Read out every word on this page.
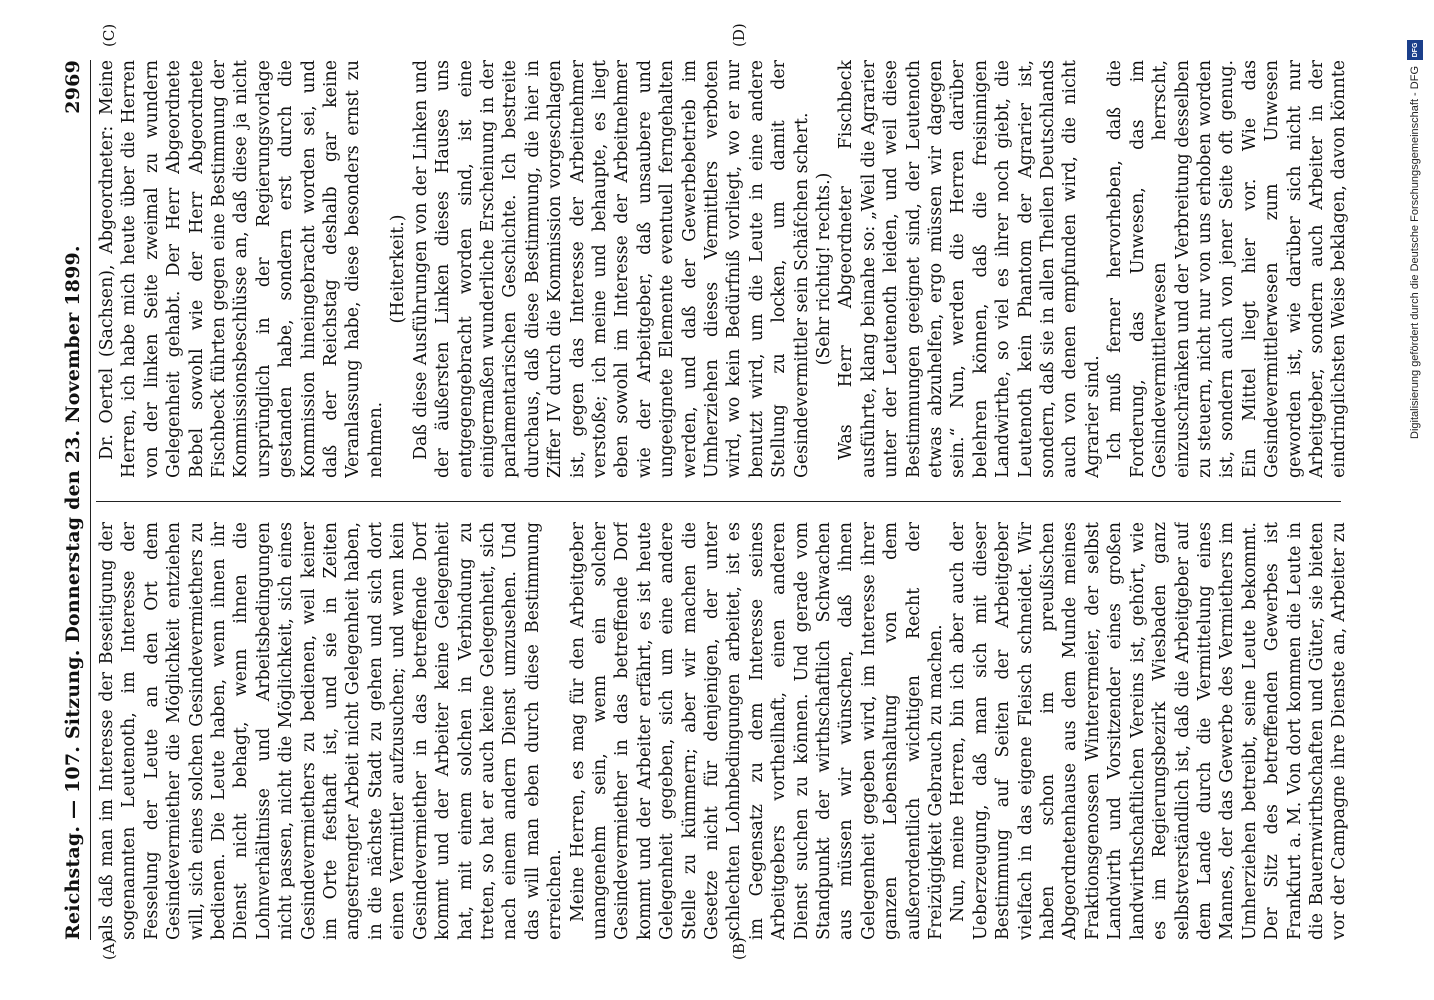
Reichstag. — 107. Sitzung. Donnerstag den 23. November 1899.
2969
(A)	(B)
(C)	(D)

als daß man im Interesse der Beseitigung der sogenannten Leutenoth, im Interesse der Fesselung der Leute an den Ort dem Gesindevermiether die Möglichkeit entziehen will, sich eines solchen Gesindevermiethers zu bedienen. Die Leute haben, wenn ihnen ihr Dienst nicht behagt, wenn ihnen die Lohnverhältnisse und Arbeitsbedingungen nicht passen, nicht die Möglichkeit, sich eines Gesindevermiethers zu bedienen, weil keiner im Orte festhaft ist, und sie in Zeiten angestrengter Arbeit nicht Gelegenheit haben, in die nächste Stadt zu gehen und sich dort einen Vermittler aufzusuchen; und wenn kein Gesindevermiether in das betreffende Dorf kommt und der Arbeiter keine Gelegenheit hat, mit einem solchen in Verbindung zu treten, so hat er auch keine Gelegenheit, sich nach einem andern Dienst umzusehen. Und das will man eben durch diese Bestimmung erreichen. Meine Herren, es mag für den Arbeitgeber unangenehm sein, wenn ein solcher Gesindevermiether in das betreffende Dorf kommt und der Arbeiter erfährt, es ist heute Gelegenheit gegeben, sich um eine andere Stelle zu kümmern; aber wir machen die Gesetze nicht für denjenigen, der unter schlechten Lohnbedingungen arbeitet, ist es im Gegensatz zu dem Interesse seines Arbeitgebers vortheilhaft, einen anderen Dienst suchen zu können. Und gerade vom Standpunkt der wirthschaftlich Schwachen aus müssen wir wünschen, daß ihnen Gelegenheit gegeben wird, im Interesse ihrer ganzen Lebenshaltung von dem außerordentlich wichtigen Recht der Freizügigkeit Gebrauch zu machen. Nun, meine Herren, bin ich aber auch der Ueberzeugung, daß man sich mit dieser Bestimmung auf Seiten der Arbeitgeber vielfach in das eigene Fleisch schneidet. Wir haben schon im preußischen Abgeordnetenhause aus dem Munde meines Fraktionsgenossen Winterermeier, der selbst Landwirth und Vorsitzender eines großen landwirthschaftlichen Vereins ist, gehört, wie es im Regierungsbezirk Wiesbaden ganz selbstverständlich ist, daß die Arbeitgeber auf dem Lande durch die Vermittelung eines Mannes, der das Gewerbe des Vermiethers im Umherziehen betreibt, seine Leute bekommt. Der Sitz des betreffenden Gewerbes ist Frankfurt a. M. Von dort kommen die Leute in die Bauernwirthschaften und Güter, sie bieten vor der Campagne ihre Dienste an, Arbeiter zu

Dr. Oertel (Sachsen), Abgeordneter: Meine Herren, ich habe mich heute über die Herren von der linken Seite zweimal zu wundern Gelegenheit gehabt. Der Herr Abgeordnete Bebel sowohl wie der Herr Abgeordnete Fischbeck führten gegen eine Bestimmung der Kommissionsbeschlüsse an, daß diese ja nicht ursprünglich in der Regierungsvorlage gestanden habe, sondern erst durch die Kommission hineingebracht worden sei, und daß der Reichstag deshalb gar keine Veranlassung habe, diese besonders ernst zu nehmen.

(Heiterkeit.) Daß diese Ausführungen von der Linken und der äußersten Linken dieses Hauses uns entgegengebracht worden sind, ist eine einigermaßen wunderliche Erscheinung in der parlamentarischen Geschichte. Ich bestreite durchaus, daß diese Bestimmung, die hier in Ziffer IV durch die Kommission vorgeschlagen ist, gegen das Interesse der Arbeitnehmer verstoße; ich meine und behaupte, es liegt eben sowohl im Interesse der Arbeitnehmer wie der Arbeitgeber, daß unsaubere und ungeeignete Elemente eventuell ferngehalten werden, und daß der Gewerbebetrieb im Umherziehen dieses Vermittlers verboten wird, wo kein Bedürfniß vorliegt, wo er nur benutzt wird, um die Leute in eine andere Stellung zu locken, um damit der Gesindevermittler sein Schäfchen schert. (Sehr richtig! rechts.) Was Herr Abgeordneter Fischbeck ausführte, klang beinahe so: „Weil die Agrarier unter der Leutenoth leiden, und weil diese Bestimmungen geeignet sind, der Leutenoth etwas abzuhelfen, ergo müssen wir dagegen sein.“ Nun, werden die Herren darüber belehren können, daß die freisinnigen Landwirthe, so viel es ihrer noch giebt, die Leutenoth kein Phantom der Agrarier ist, sondern, daß sie in allen Theilen Deutschlands auch von denen empfunden wird, die nicht Agrarier sind. Ich muß ferner hervorheben, daß die Forderung, das Unwesen, das im Gesindevermittlerwesen herrscht, einzuschränken und der Verbreitung desselben zu steuern, nicht nur von uns erhoben worden ist, sondern auch von jener Seite oft genug. Ein Mittel liegt hier vor. Wie das Gesindevermittlerwesen zum Unwesen geworden ist, wie darüber sich nicht nur Arbeitgeber, sondern auch Arbeiter in der eindringlichsten Weise beklagen, davon könnte	Digitalisierung gefördert durch die Deutsche Forschungsgemeinschaft - DFG
DFG
